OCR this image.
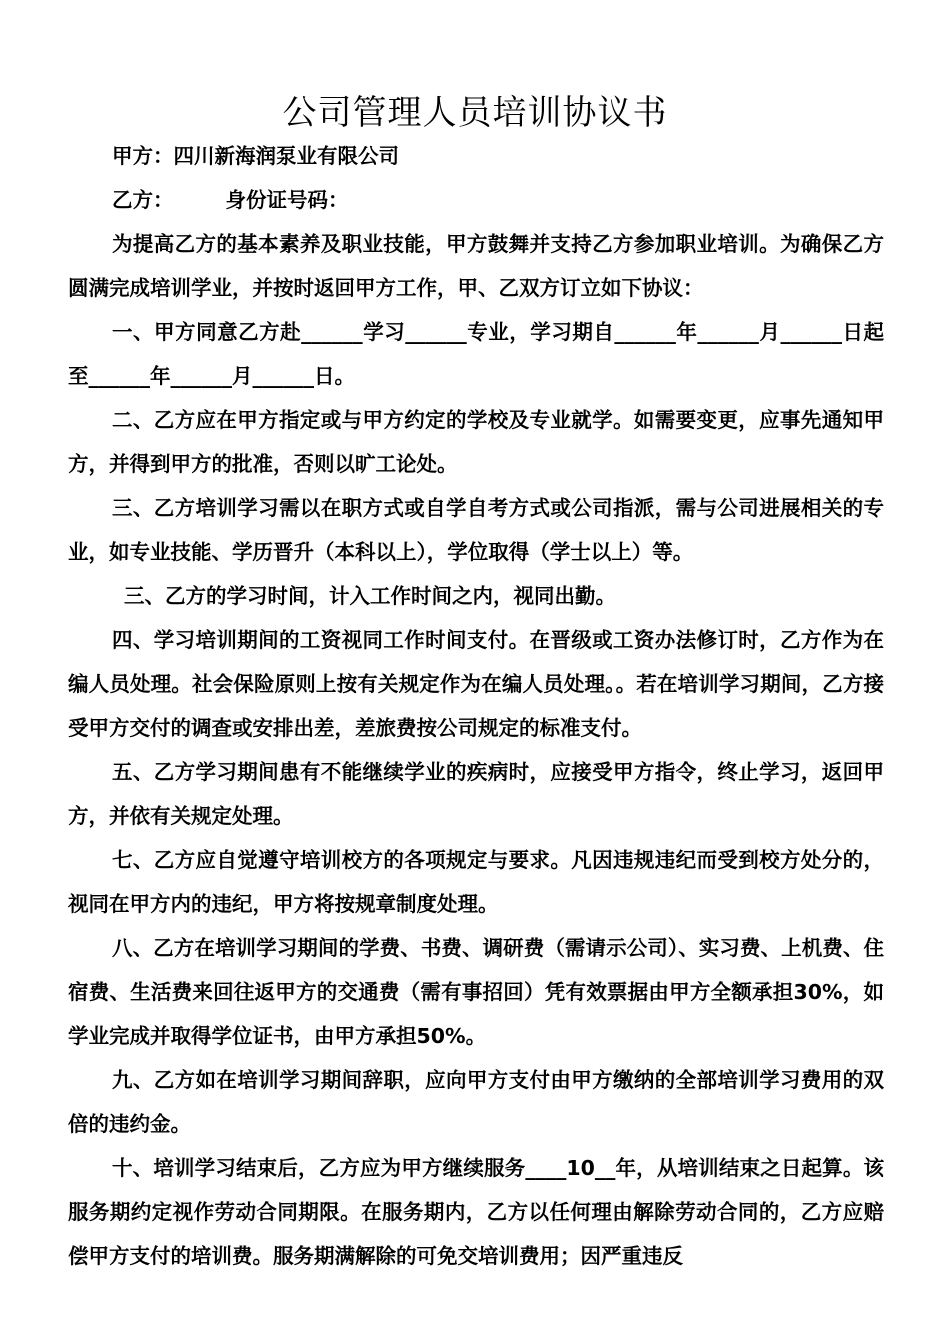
公司管理人员培训协议书

甲方：四川新海润泵业有限公司

乙方：	身份证号码：

为提高乙方的基本素养及职业技能，甲方鼓舞并支持乙方参加职业培训。为确保乙方圆满完成培训学业，并按时返回甲方工作，甲、乙双方订立如下协议：

一、甲方同意乙方赴______学习______专业，学习期自______年______月______日起至______年______月______日。

二、乙方应在甲方指定或与甲方约定的学校及专业就学。如需要变更，应事先通知甲方，并得到甲方的批准，否则以旷工论处。

三、乙方培训学习需以在职方式或自学自考方式或公司指派，需与公司进展相关的专业，如专业技能、学历晋升（本科以上），学位取得（学士以上）等。

三、乙方的学习时间，计入工作时间之内，视同出勤。

四、学习培训期间的工资视同工作时间支付。在晋级或工资办法修订时，乙方作为在编人员处理。社会保险原则上按有关规定作为在编人员处理。。若在培训学习期间，乙方接受甲方交付的调查或安排出差，差旅费按公司规定的标准支付。

五、乙方学习期间患有不能继续学业的疾病时，应接受甲方指令，终止学习，返回甲方，并依有关规定处理。

七、乙方应自觉遵守培训校方的各项规定与要求。凡因违规违纪而受到校方处分的，视同在甲方内的违纪，甲方将按规章制度处理。

八、乙方在培训学习期间的学费、书费、调研费（需请示公司）、实习费、上机费、住宿费、生活费来回往返甲方的交通费（需有事招回）凭有效票据由甲方全额承担30%，如学业完成并取得学位证书，由甲方承担50%。

九、乙方如在培训学习期间辞职，应向甲方支付由甲方缴纳的全部培训学习费用的双倍的违约金。

十、培训学习结束后，乙方应为甲方继续服务____10__年，从培训结束之日起算。该服务期约定视作劳动合同期限。在服务期内，乙方以任何理由解除劳动合同的，乙方应赔偿甲方支付的培训费。服务期满解除的可免交培训费用；因严重违反
